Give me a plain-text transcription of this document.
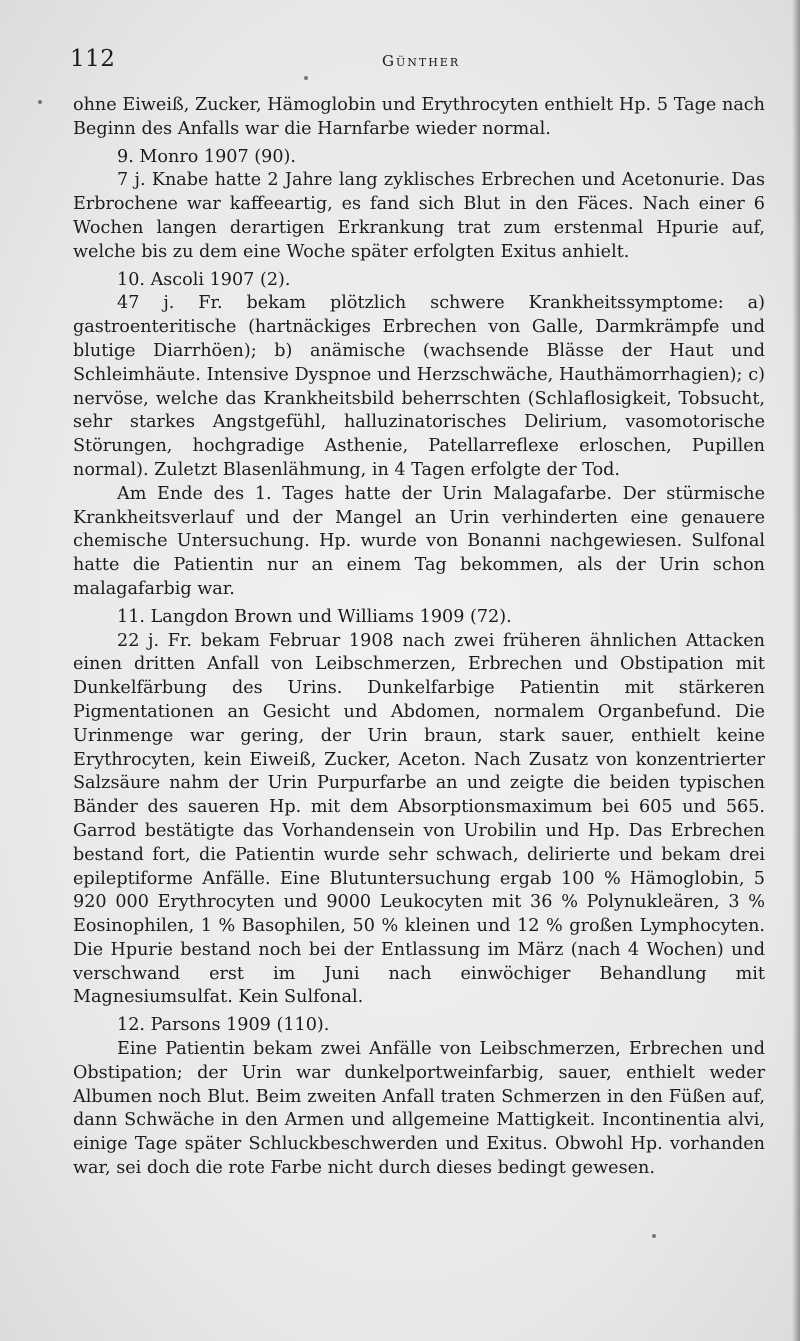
112	Günther

ohne Eiweiß, Zucker, Hämoglobin und Erythrocyten enthielt Hp. 5 Tage nach Beginn des Anfalls war die Harnfarbe wieder normal.

9. Monro 1907 (90).

7 j. Knabe hatte 2 Jahre lang zyklisches Erbrechen und Acetonurie. Das Erbrochene war kaffeeartig, es fand sich Blut in den Fäces. Nach einer 6 Wochen langen derartigen Erkrankung trat zum erstenmal Hpurie auf, welche bis zu dem eine Woche später erfolgten Exitus anhielt.

10. Ascoli 1907 (2).

47 j. Fr. bekam plötzlich schwere Krankheitssymptome: a) gastroenteritische (hartnäckiges Erbrechen von Galle, Darmkrämpfe und blutige Diarrhöen); b) anämische (wachsende Blässe der Haut und Schleimhäute. Intensive Dyspnoe und Herzschwäche, Hauthämorrhagien); c) nervöse, welche das Krankheitsbild beherrschten (Schlaflosigkeit, Tobsucht, sehr starkes Angstgefühl, halluzinatorisches Delirium, vasomotorische Störungen, hochgradige Asthenie, Patellarreflexe erloschen, Pupillen normal). Zuletzt Blasenlähmung, in 4 Tagen erfolgte der Tod.

Am Ende des 1. Tages hatte der Urin Malagafarbe. Der stürmische Krankheitsverlauf und der Mangel an Urin verhinderten eine genauere chemische Untersuchung. Hp. wurde von Bonanni nachgewiesen. Sulfonal hatte die Patientin nur an einem Tag bekommen, als der Urin schon malagafarbig war.

11. Langdon Brown und Williams 1909 (72).

22 j. Fr. bekam Februar 1908 nach zwei früheren ähnlichen Attacken einen dritten Anfall von Leibschmerzen, Erbrechen und Obstipation mit Dunkelfärbung des Urins. Dunkelfarbige Patientin mit stärkeren Pigmentationen an Gesicht und Abdomen, normalem Organbefund. Die Urinmenge war gering, der Urin braun, stark sauer, enthielt keine Erythrocyten, kein Eiweiß, Zucker, Aceton. Nach Zusatz von konzentrierter Salzsäure nahm der Urin Purpurfarbe an und zeigte die beiden typischen Bänder des saueren Hp. mit dem Absorptionsmaximum bei 605 und 565. Garrod bestätigte das Vorhandensein von Urobilin und Hp. Das Erbrechen bestand fort, die Patientin wurde sehr schwach, delirierte und bekam drei epileptiforme Anfälle. Eine Blutuntersuchung ergab 100 % Hämoglobin, 5 920 000 Erythrocyten und 9000 Leukocyten mit 36 % Polynukleären, 3 % Eosinophilen, 1 % Basophilen, 50 % kleinen und 12 % großen Lymphocyten. Die Hpurie bestand noch bei der Entlassung im März (nach 4 Wochen) und verschwand erst im Juni nach einwöchiger Behandlung mit Magnesiumsulfat. Kein Sulfonal.

12. Parsons 1909 (110).

Eine Patientin bekam zwei Anfälle von Leibschmerzen, Erbrechen und Obstipation; der Urin war dunkelportweinfarbig, sauer, enthielt weder Albumen noch Blut. Beim zweiten Anfall traten Schmerzen in den Füßen auf, dann Schwäche in den Armen und allgemeine Mattigkeit. Incontinentia alvi, einige Tage später Schluckbeschwerden und Exitus. Obwohl Hp. vorhanden war, sei doch die rote Farbe nicht durch dieses bedingt gewesen.
